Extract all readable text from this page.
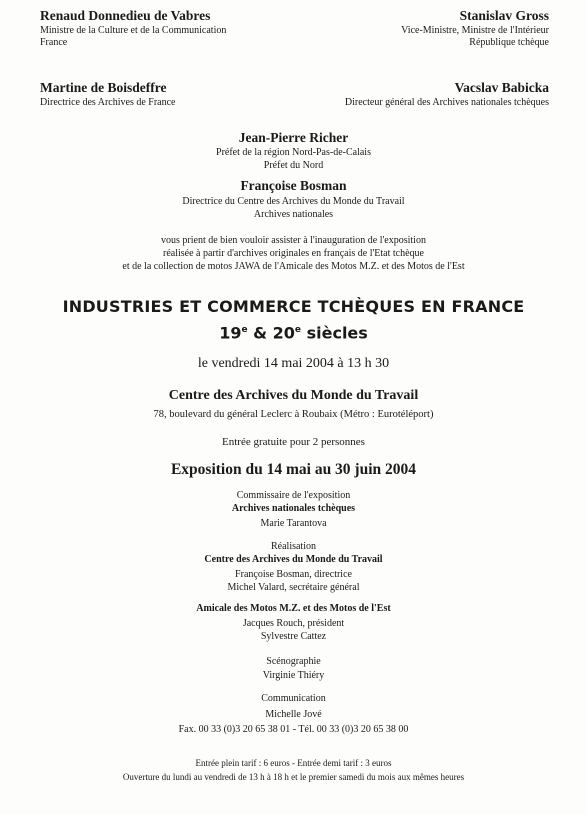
Renaud Donnedieu de Vabres
Ministre de la Culture et de la Communication
France
Stanislav Gross
Vice-Ministre, Ministre de l'Intérieur
République tchèque
Martine de Boisdeffre
Directrice des Archives de France
Vacslav Babicka
Directeur général des Archives nationales tchèques
Jean-Pierre Richer
Préfet de la région Nord-Pas-de-Calais
Préfet du Nord
Françoise Bosman
Directrice du Centre des Archives du Monde du Travail
Archives nationales
vous prient de bien vouloir assister à l'inauguration de l'exposition
réalisée à partir d'archives originales en français de l'Etat tchèque
et de la collection de motos JAWA de l'Amicale des Motos M.Z. et des Motos de l'Est
INDUSTRIES ET COMMERCE TCHÈQUES EN FRANCE
19e & 20e siècles
le vendredi 14 mai 2004 à 13 h 30
Centre des Archives du Monde du Travail
78, boulevard du général Leclerc à Roubaix (Métro : Eurotéléport)
Entrée gratuite pour 2 personnes
Exposition du 14 mai au 30 juin 2004
Commissaire de l'exposition
Archives nationales tchèques
Marie Tarantova
Réalisation
Centre des Archives du Monde du Travail
Françoise Bosman, directrice
Michel Valard, secrétaire général
Amicale des Motos M.Z. et des Motos de l'Est
Jacques Rouch, président
Sylvestre Cattez
Scénographie
Virginie Thiéry
Communication
Michelle Jové
Fax. 00 33 (0)3 20 65 38 01 - Tél. 00 33 (0)3 20 65 38 00
Entrée plein tarif : 6 euros - Entrée demi tarif : 3 euros
Ouverture du lundi au vendredi de 13 h à 18 h et le premier samedi du mois aux mêmes heures
